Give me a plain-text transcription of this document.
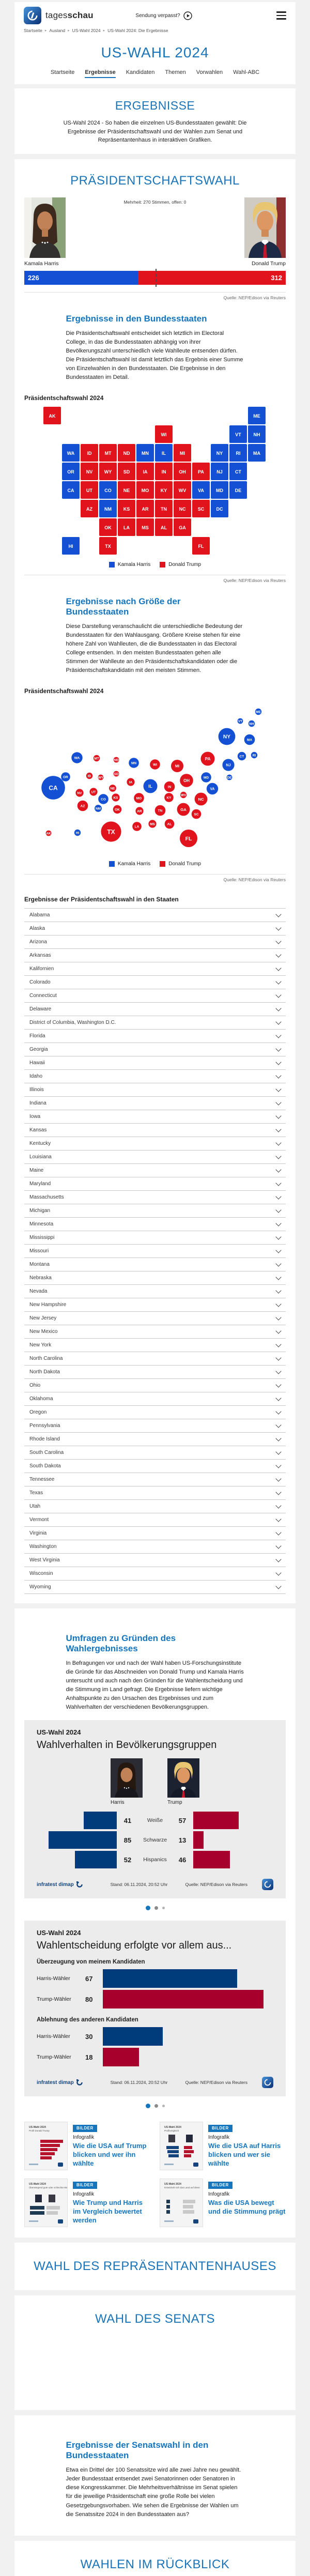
tagesschau	Sendung verpasst?
Startseite ▸ Ausland ▸ US-Wahl 2024 ▸ US-Wahl 2024: Die Ergebnisse
US-WAHL 2024
Startseite Ergebnisse Kandidaten Themen Vorwahlen Wahl-ABC
ERGEBNISSE

US-Wahl 2024 - So haben die einzelnen US-Bundesstaaten gewählt: Die Ergebnisse der Präsidentschaftswahl und der Wahlen zum Senat und Repräsentantenhaus in interaktiven Grafiken.

PRÄSIDENTSCHAFTSWAHL
Mehrheit: 270 Stimmen, offen: 0
Kamala Harris	Donald Trump
226	312
Quelle: NEP/Edison via Reuters
Ergebnisse in den Bundesstaaten

Die Präsidentschaftswahl entscheidet sich letztlich im Electoral College, in das die Bundesstaaten abhängig von ihrer Bevölkerungszahl unterschiedlich viele Wahlleute entsenden dürfen. Die Präsidentschaftswahl ist damit letztlich das Ergebnis einer Summe von Einzelwahlen in den Bundesstaaten. Die Ergebnisse in den Bundesstaaten im Detail.

Präsidentschaftswahl 2024
AK	ME
WI	VT	NH
WA	ID	MT	ND	MN	IL	MI	NY	RI	MA
OR	NV WY SD	IA	IN	OH	PA	NJ	CT
CA	UT	CO	NE MO KY WV	VA	MD	DE
AZ	NM	KS	AR	TN	NC	SC	DC
OK	LA	MS	AL	GA
HI	TX	FL
Kamala Harris	Donald Trump
Quelle: NEP/Edison via Reuters
Ergebnisse nach Größe der Bundesstaaten

Diese Darstellung veranschaulicht die unterschiedliche Bedeutung der Bundesstaaten für den Wahlausgang. Größere Kreise stehen für eine höhere Zahl von Wahlleuten, die die Bundesstaaten in das Electoral College entsenden. In den meisten Bundesstaaten gehen alle Stimmen der Wahlleute an den Präsidentschaftskandidaten oder die Präsidentschaftskandidatin mit den meisten Stimmen.

Präsidentschaftswahl 2024
ME
VT
NH
NY
MA
CT	RI
WA	MT	ND
MN	WI	MI
PA
NJ
OR	ID WY
SD
IA
NE	IL	IN
OH
MD	DE
NV	UT
CO KS	MO	KY
WV
VA
NC
AZ
NM	OK	AR	TN	GA
SC
MS	AL
LA
CA
TX
FL
AK	HI
Kamala Harris	Donald Trump
Quelle: NEP/Edison via Reuters
Ergebnisse der Präsidentschaftswahl in den Staaten
Alabama
Alaska
Arizona
Arkansas
Kalifornien
Colorado
Connecticut
Delaware
District of Columbia, Washington D.C.
Florida
Georgia
Hawaii
Idaho
Illinois
Indiana
Iowa
Kansas
Kentucky
Louisiana
Maine
Maryland
Massachusetts
Michigan
Minnesota
Mississippi
Missouri
Montana
Nebraska
Nevada
New Hampshire
New Jersey
New Mexico
New York
North Carolina
North Dakota
Ohio
Oklahoma
Oregon
Pennsylvania
Rhode Island
South Carolina
South Dakota
Tennessee
Texas
Utah
Vermont
Virginia
Washington
West Virginia
Wisconsin
Wyoming
Umfragen zu Gründen des Wahlergebnisses

In Befragungen vor und nach der Wahl haben US-Forschungsinstitute die Gründe für das Abschneiden von Donald Trump und Kamala Harris untersucht und auch nach den Gründen für die Wahlentscheidung und die Stimmung im Land gefragt. Die Ergebnisse liefern wichtige Anhaltspunkte zu den Ursachen des Ergebnisses und zum Wahlverhalten der verschiedenen Bevölkerungsgruppen.

US-Wahl 2024
Wahlverhalten in Bevölkerungsgruppen
Harris	Trump
41	Weiße	57
85	Schwarze	13
52	Hispanics	46
infratest dimap	Stand: 06.11.2024, 20:52 Uhr	Quelle: NEP/Edison via Reuters
US-Wahl 2024
Wahlentscheidung erfolgte vor allem aus...
Überzeugung von meinem Kandidaten
Harris-Wähler	67
Trump-Wähler	80
Ablehnung des anderen Kandidaten
Harris-Wähler	30
Trump-Wähler	18
infratest dimap	Stand: 06.11.2024, 20:52 Uhr	Quelle: NEP/Edison via Reuters
US-Wahl 2024
Profil Donald Trump
BILDER
Infografik
Wie die USA auf Trump blicken und wer ihn wählte
US-Wahl 2024
Profilvergleich
BILDER
Infografik
Wie die USA auf Harris blicken und wer sie wählte
US-Wahl 2024
Überwiegend gute oder schlechte Me
BILDER
Infografik
Wie Trump und Harris im Vergleich bewertet werden
US-Wahl 2024
Entwickelt sich das Land auf diese
BILDER
Infografik
Was die USA bewegt und die Stimmung prägt
WAHL DES REPRÄSENTANTENHAUSES
WAHL DES SENATS
Ergebnisse der Senatswahl in den Bundesstaaten

Etwa ein Drittel der 100 Senatssitze wird alle zwei Jahre neu gewählt. Jeder Bundesstaat entsendet zwei Senatorinnen oder Senatoren in diese Kongresskammer. Die Mehrheitsverhältnisse im Senat spielen für die jeweilige Präsidentschaft eine große Rolle bei vielen Gesetzgebungsvorhaben. Wie sehen die Ergebnisse der Wahlen um die Senatssitze 2024 in den Bundesstaaten aus?

WAHLEN IM RÜCKBLICK
